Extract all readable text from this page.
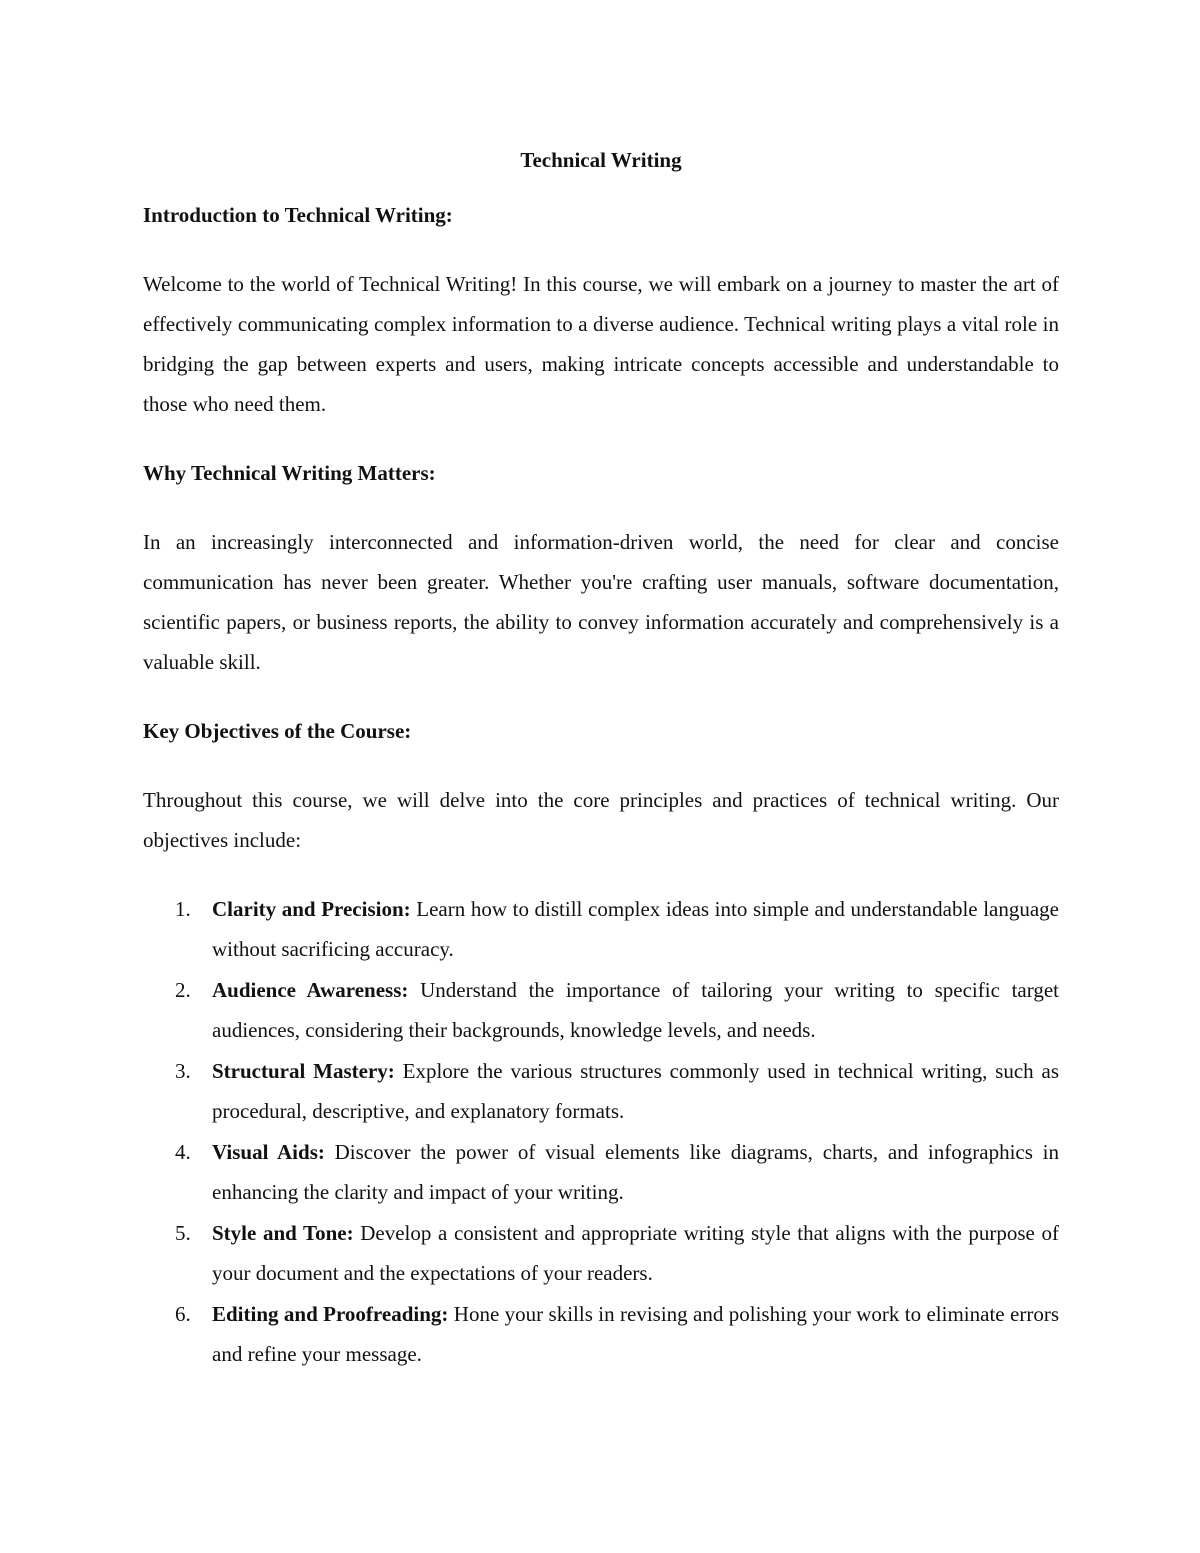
Technical Writing
Introduction to Technical Writing:
Welcome to the world of Technical Writing! In this course, we will embark on a journey to master the art of effectively communicating complex information to a diverse audience. Technical writing plays a vital role in bridging the gap between experts and users, making intricate concepts accessible and understandable to those who need them.
Why Technical Writing Matters:
In an increasingly interconnected and information-driven world, the need for clear and concise communication has never been greater. Whether you're crafting user manuals, software documentation, scientific papers, or business reports, the ability to convey information accurately and comprehensively is a valuable skill.
Key Objectives of the Course:
Throughout this course, we will delve into the core principles and practices of technical writing. Our objectives include:
1. Clarity and Precision: Learn how to distill complex ideas into simple and understandable language without sacrificing accuracy.
2. Audience Awareness: Understand the importance of tailoring your writing to specific target audiences, considering their backgrounds, knowledge levels, and needs.
3. Structural Mastery: Explore the various structures commonly used in technical writing, such as procedural, descriptive, and explanatory formats.
4. Visual Aids: Discover the power of visual elements like diagrams, charts, and infographics in enhancing the clarity and impact of your writing.
5. Style and Tone: Develop a consistent and appropriate writing style that aligns with the purpose of your document and the expectations of your readers.
6. Editing and Proofreading: Hone your skills in revising and polishing your work to eliminate errors and refine your message.
